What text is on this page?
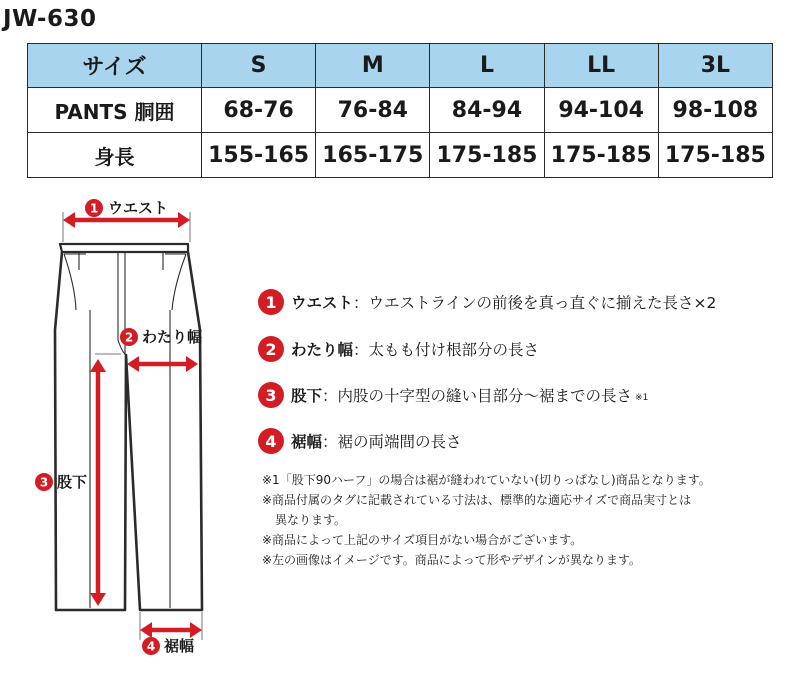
JW-630
サイズ	S	M	L	LL	3L
PANTS 胴囲	68-76	76-84	84-94	94-104	98-108
身長	155-165	165-175	175-185	175-185	175-185
1 ウエスト
2 わたり幅
3 股下
4 裾幅
1 ウエスト ：ウエストラインの前後を真っ直ぐに揃えた長さ×2
2 わたり幅 ：太もも付け根部分の長さ
3 股下 ：内股の十字型の縫い目部分〜裾までの長さ ※1
4 裾幅 ：裾の両端間の長さ
※1「股下90ハーフ」の場合は裾が縫われていない(切りっぱなし)商品となります。
※商品付属のタグに記載されている寸法は、標準的な適応サイズで商品実寸とは
異なります。
※商品によって上記のサイズ項目がない場合がございます。
※左の画像はイメージです。商品によって形やデザインが異なります。
